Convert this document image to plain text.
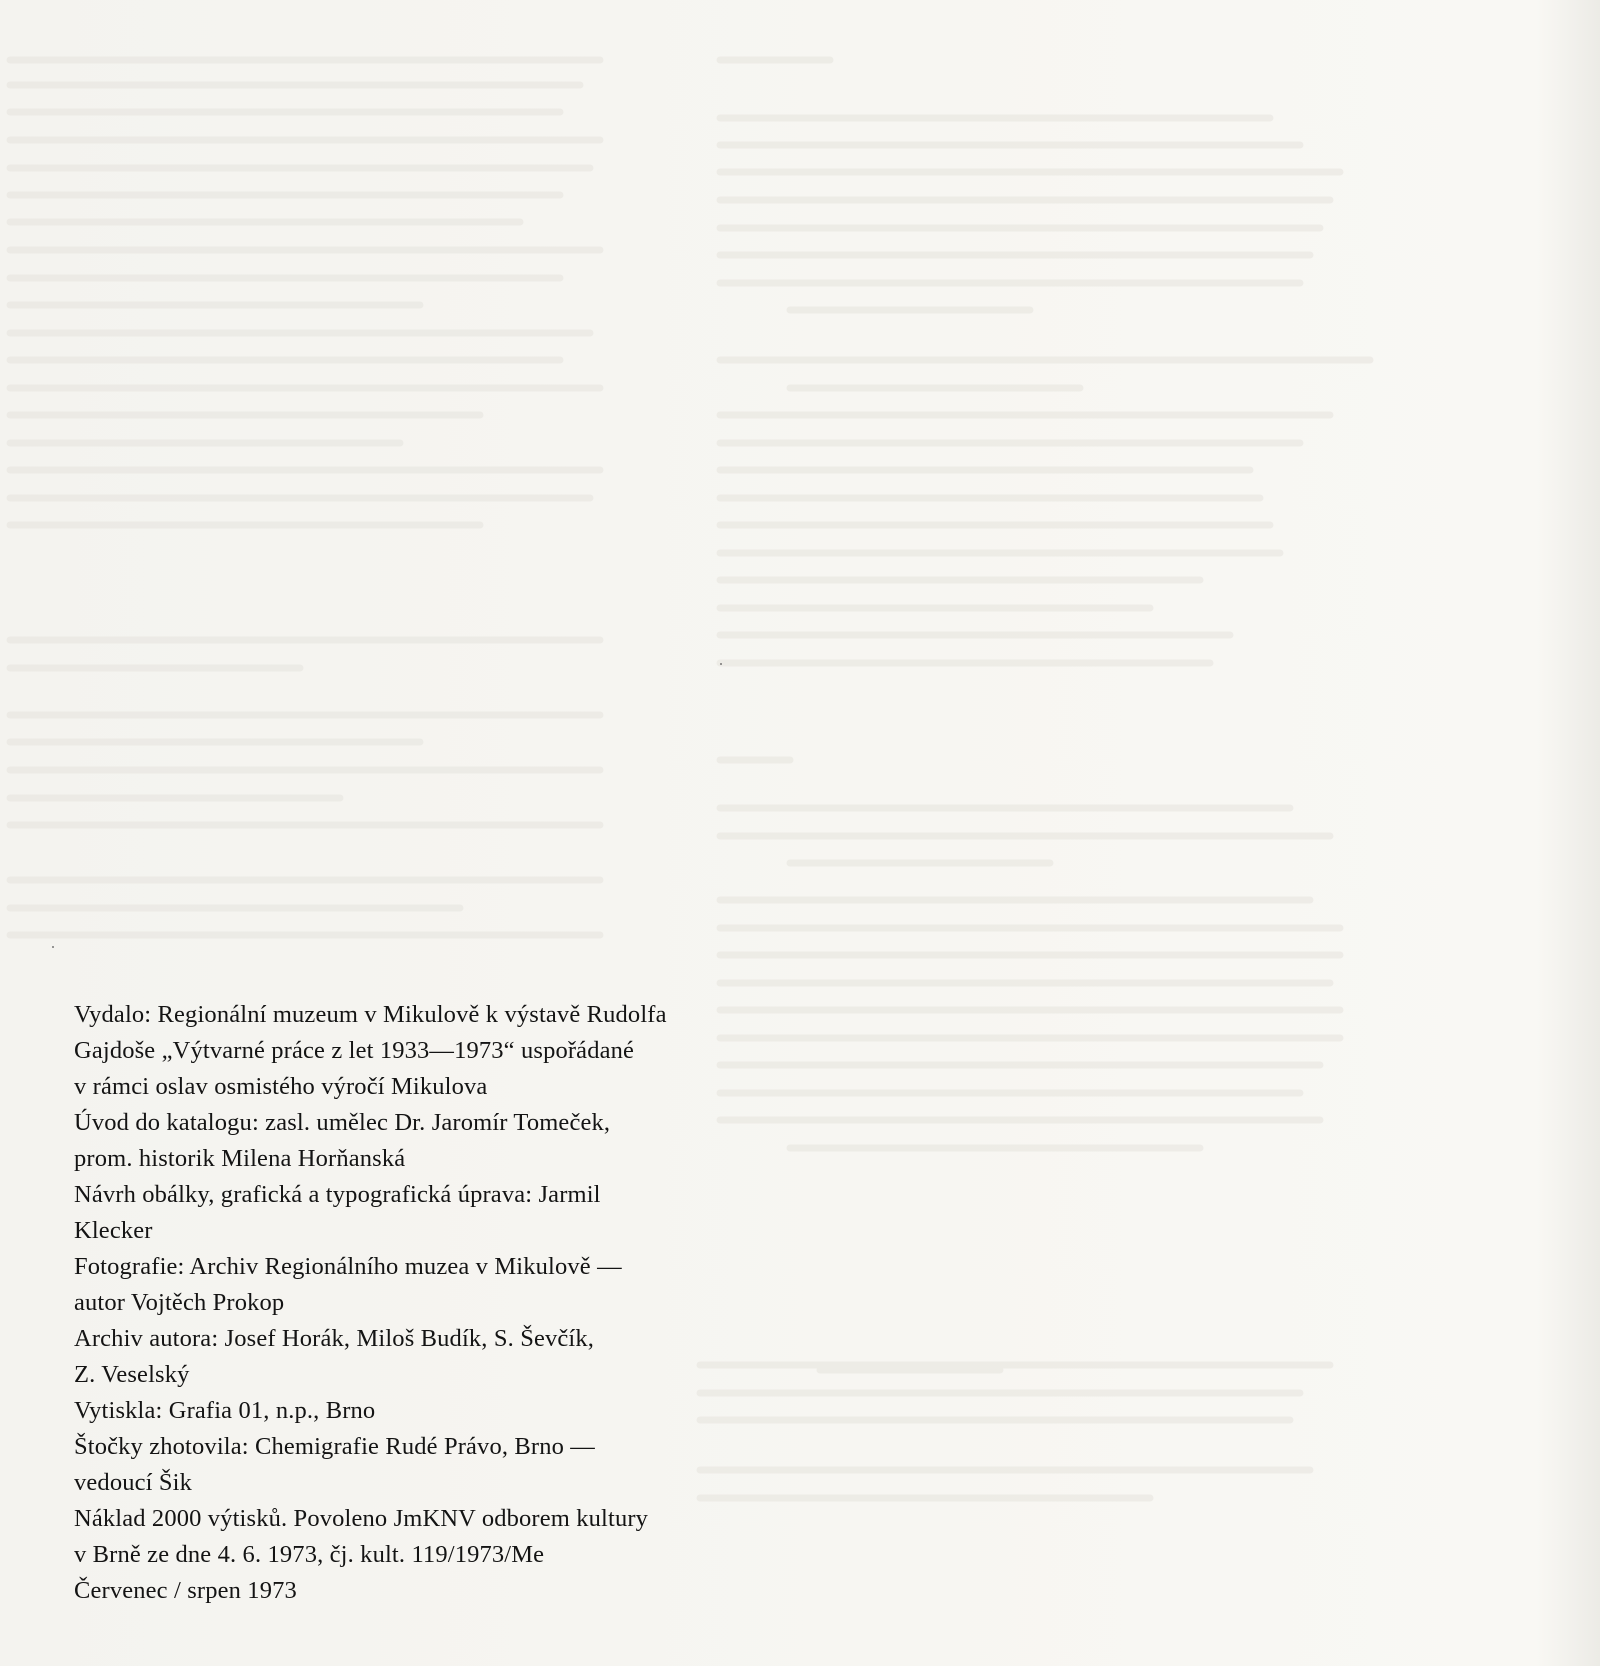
Vydalo: Regionální muzeum v Mikulově k výstavě Rudolfa
Gajdoše „Výtvarné práce z let 1933—1973“ uspořádané
v rámci oslav osmistého výročí Mikulova
Úvod do katalogu: zasl. umělec Dr. Jaromír Tomeček,
prom. historik Milena Horňanská
Návrh obálky, grafická a typografická úprava: Jarmil
Klecker
Fotografie: Archiv Regionálního muzea v Mikulově —
autor Vojtěch Prokop
Archiv autora: Josef Horák, Miloš Budík, S. Ševčík,
Z. Veselský
Vytiskla: Grafia 01, n.p., Brno
Štočky zhotovila: Chemigrafie Rudé Právo, Brno —
vedoucí Šik
Náklad 2000 výtisků. Povoleno JmKNV odborem kultury
v Brně ze dne 4. 6. 1973, čj. kult. 119/1973/Me
Červenec / srpen 1973
